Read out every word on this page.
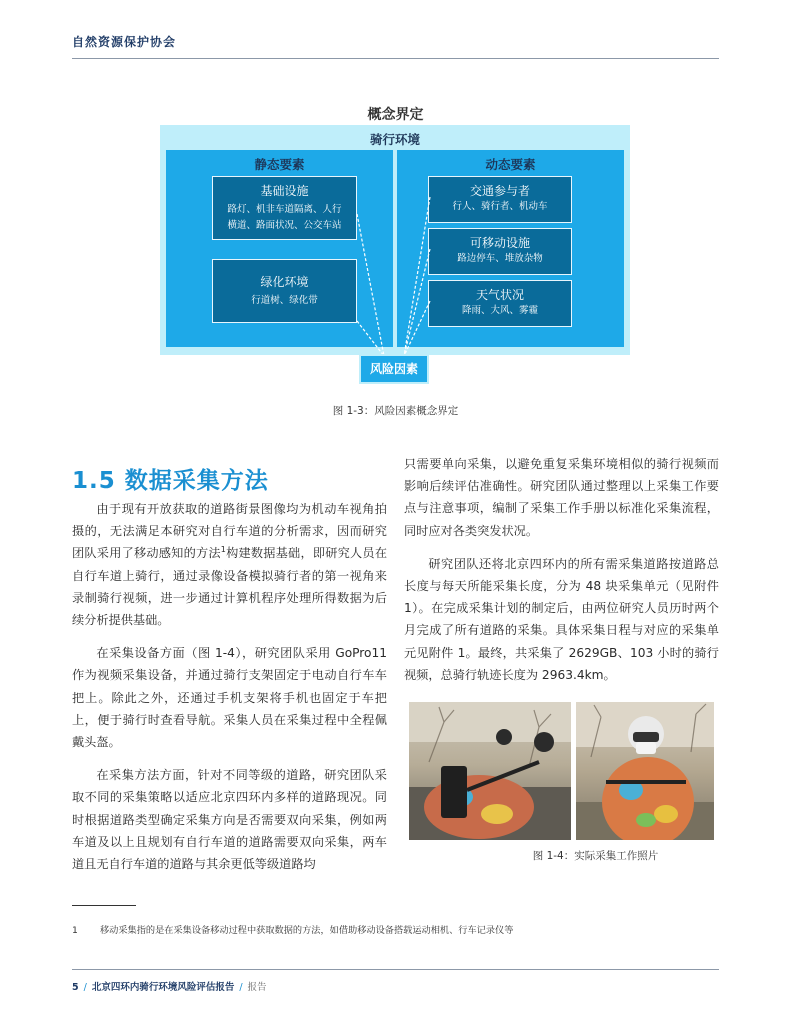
自然资源保护协会
概念界定
骑行环境
静态要素
基础设施
路灯、机非车道隔离、人行
横道、路面状况、公交车站
绿化环境
行道树、绿化带
动态要素
交通参与者
行人、骑行者、机动车
可移动设施
路边停车、堆放杂物
天气状况
降雨、大风、雾霾
风险因素
图 1-3：风险因素概念界定
1.5 数据采集方法

由于现有开放获取的道路街景图像均为机动车视角拍摄的，无法满足本研究对自行车道的分析需求，因而研究团队采用了移动感知的方法$^1$构建数据基础，即研究人员在自行车道上骑行，通过录像设备模拟骑行者的第一视角来录制骑行视频，进一步通过计算机程序处理所得数据为后续分析提供基础。

在采集设备方面（图 1-4），研究团队采用 GoPro11 作为视频采集设备，并通过骑行支架固定于电动自行车车把上。除此之外，还通过手机支架将手机也固定于车把上，便于骑行时查看导航。采集人员在采集过程中全程佩戴头盔。

在采集方法方面，针对不同等级的道路，研究团队采取不同的采集策略以适应北京四环内多样的道路现况。同时根据道路类型确定采集方向是否需要双向采集，例如两车道及以上且规划有自行车道的道路需要双向采集，两车道且无自行车道的道路与其余更低等级道路均

只需要单向采集，以避免重复采集环境相似的骑行视频而影响后续评估准确性。研究团队通过整理以上采集工作要点与注意事项，编制了采集工作手册以标准化采集流程，同时应对各类突发状况。

研究团队还将北京四环内的所有需采集道路按道路总长度与每天所能采集长度，分为 48 块采集单元（见附件 1）。在完成采集计划的制定后，由两位研究人员历时两个月完成了所有道路的采集。具体采集日程与对应的采集单元见附件 1。最终，共采集了 2629GB、103 小时的骑行视频，总骑行轨迹长度为 2963.4km。

图 1-4：实际采集工作照片
1 移动采集指的是在采集设备移动过程中获取数据的方法，如借助移动设备搭载运动相机、行车记录仪等
5 / 北京四环内骑行环境风险评估报告 / 报告
